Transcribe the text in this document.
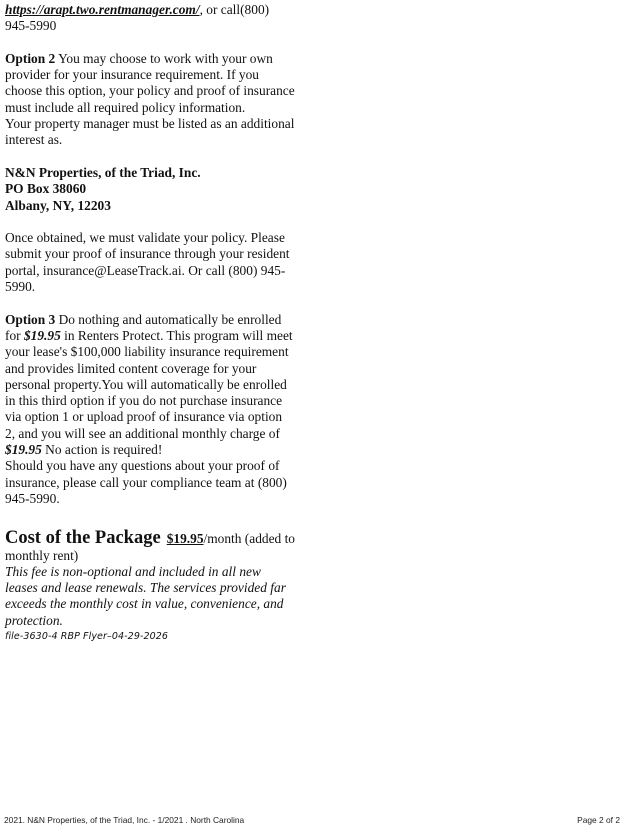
https://arapt.two.rentmanager.com/, or call(800) 945-5990

Option 2 You may choose to work with your own provider for your insurance requirement. If you choose this option, your policy and proof of insurance must include all required policy information.

Your property manager must be listed as an additional interest as.

N&N Properties, of the Triad, Inc.
PO Box 38060
Albany, NY, 12203

Once obtained, we must validate your policy. Please submit your proof of insurance through your resident portal, insurance@LeaseTrack.ai. Or call (800) 945-5990.

Option 3 Do nothing and automatically be enrolled for $19.95 in Renters Protect. This program will meet your lease's $100,000 liability insurance requirement and provides limited content coverage for your personal property.You will automatically be enrolled in this third option if you do not purchase insurance via option 1 or upload proof of insurance via option 2, and you will see an additional monthly charge of $19.95 No action is required!

Should you have any questions about your proof of insurance, please call your compliance team at (800) 945-5990.

Cost of the Package $19.95/month (added to monthly rent)

This fee is non-optional and included in all new leases and lease renewals. The services provided far exceeds the monthly cost in value, convenience, and protection.

file-3630-4 RBP Flyer–04-29-2026
2021. N&N Properties, of the Triad, Inc. - 1/2021 . North Carolina	Page 2 of 2
